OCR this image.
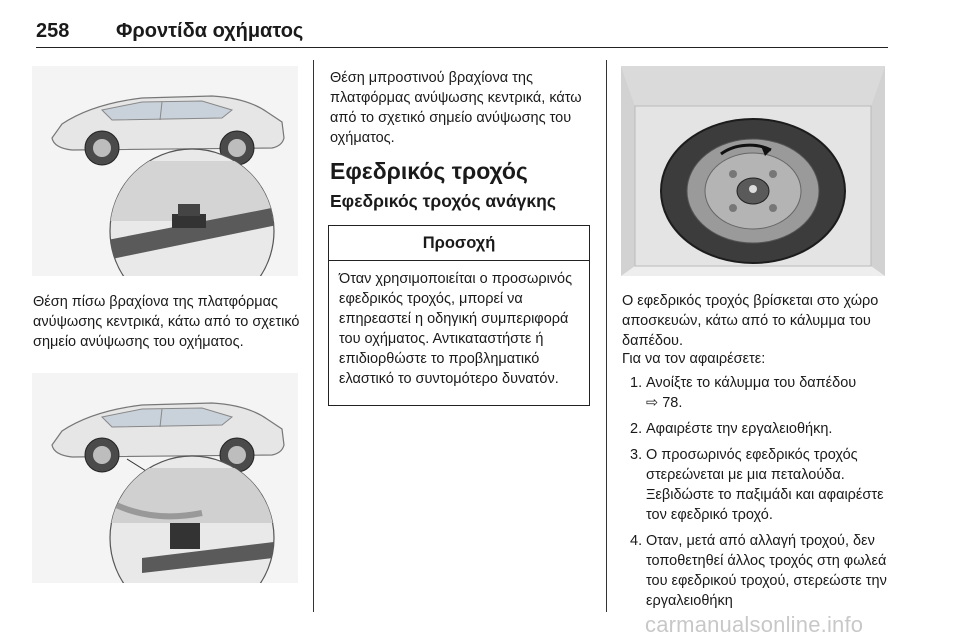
258 Φροντίδα οχήματος

Θέση πίσω βραχίονα της πλατφόρμας ανύψωσης κεντρικά, κάτω από το σχετικό σημείο ανύψωσης του οχήματος.

Θέση μπροστινού βραχίονα της πλατφόρμας ανύψωσης κεντρικά, κάτω από το σχετικό σημείο ανύψωσης του οχήματος.

Εφεδρικός τροχός
Εφεδρικός τροχός ανάγκης
Προσοχή

Όταν χρησιμοποιείται ο προσωρινός εφεδρικός τροχός, μπορεί να επηρεαστεί η οδηγική συμπεριφορά του οχήματος. Αντικαταστήστε ή επιδιορθώστε το προβληματικό ελαστικό το συντομότερο δυνατόν.

Ο εφεδρικός τροχός βρίσκεται στο χώρο αποσκευών, κάτω από το κάλυμμα του δαπέδου.

Για να τον αφαιρέσετε:

1. Ανοίξτε το κάλυμμα του δαπέδου
⇨ 78.
2. Αφαιρέστε την εργαλειοθήκη.
3. Ο προσωρινός εφεδρικός τροχός στερεώνεται με μια πεταλούδα. Ξεβιδώστε το παξιμάδι και αφαιρέστε τον εφεδρικό τροχό.
4. Οταν, μετά από αλλαγή τροχού, δεν τοποθετηθεί άλλος τροχός στη φωλεά του εφεδρικού τροχού, στερεώστε την εργαλειοθήκη
carmanualsonline.info
